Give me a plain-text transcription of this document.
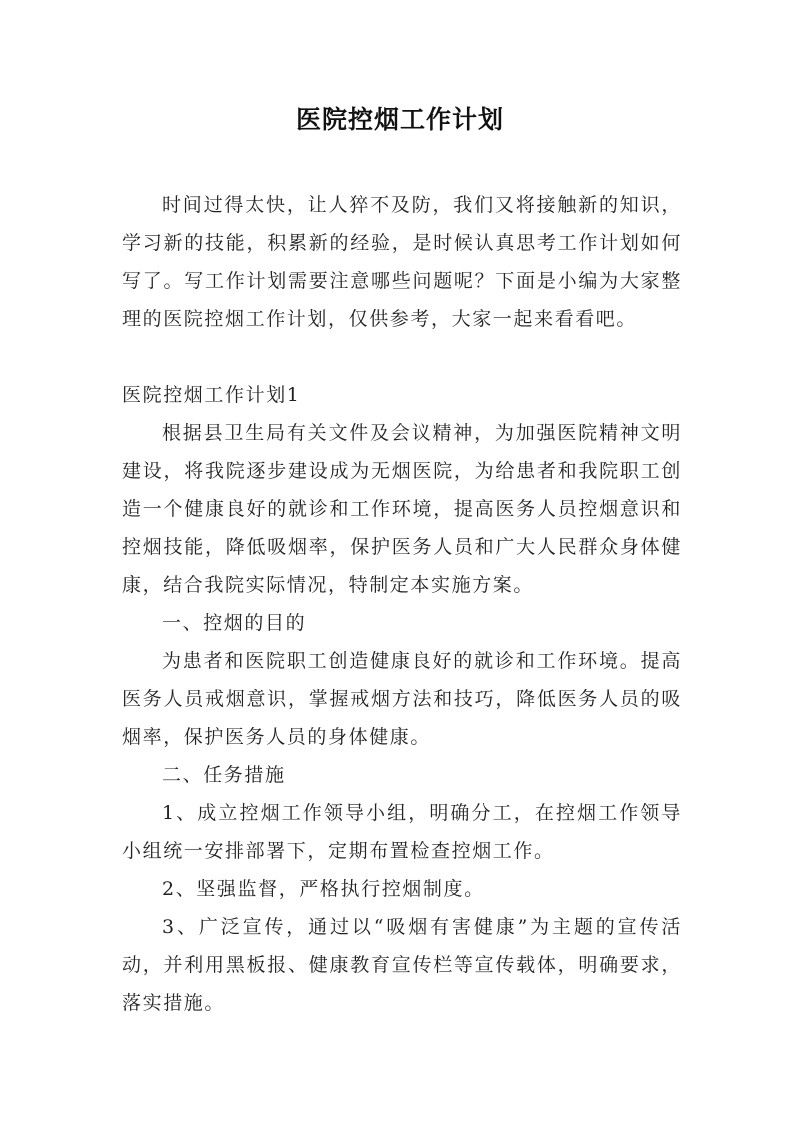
医院控烟工作计划

时间过得太快，让人猝不及防，我们又将接触新的知识，学习新的技能，积累新的经验，是时候认真思考工作计划如何写了。写工作计划需要注意哪些问题呢？下面是小编为大家整理的医院控烟工作计划，仅供参考，大家一起来看看吧。

医院控烟工作计划1

根据县卫生局有关文件及会议精神，为加强医院精神文明建设，将我院逐步建设成为无烟医院，为给患者和我院职工创造一个健康良好的就诊和工作环境，提高医务人员控烟意识和控烟技能，降低吸烟率，保护医务人员和广大人民群众身体健康，结合我院实际情况，特制定本实施方案。

一、控烟的目的

为患者和医院职工创造健康良好的就诊和工作环境。提高医务人员戒烟意识，掌握戒烟方法和技巧，降低医务人员的吸烟率，保护医务人员的身体健康。

二、任务措施

1、成立控烟工作领导小组，明确分工，在控烟工作领导小组统一安排部署下，定期布置检查控烟工作。

2、坚强监督，严格执行控烟制度。

3、广泛宣传，通过以“吸烟有害健康”为主题的宣传活动，并利用黑板报、健康教育宣传栏等宣传载体，明确要求，落实措施。
